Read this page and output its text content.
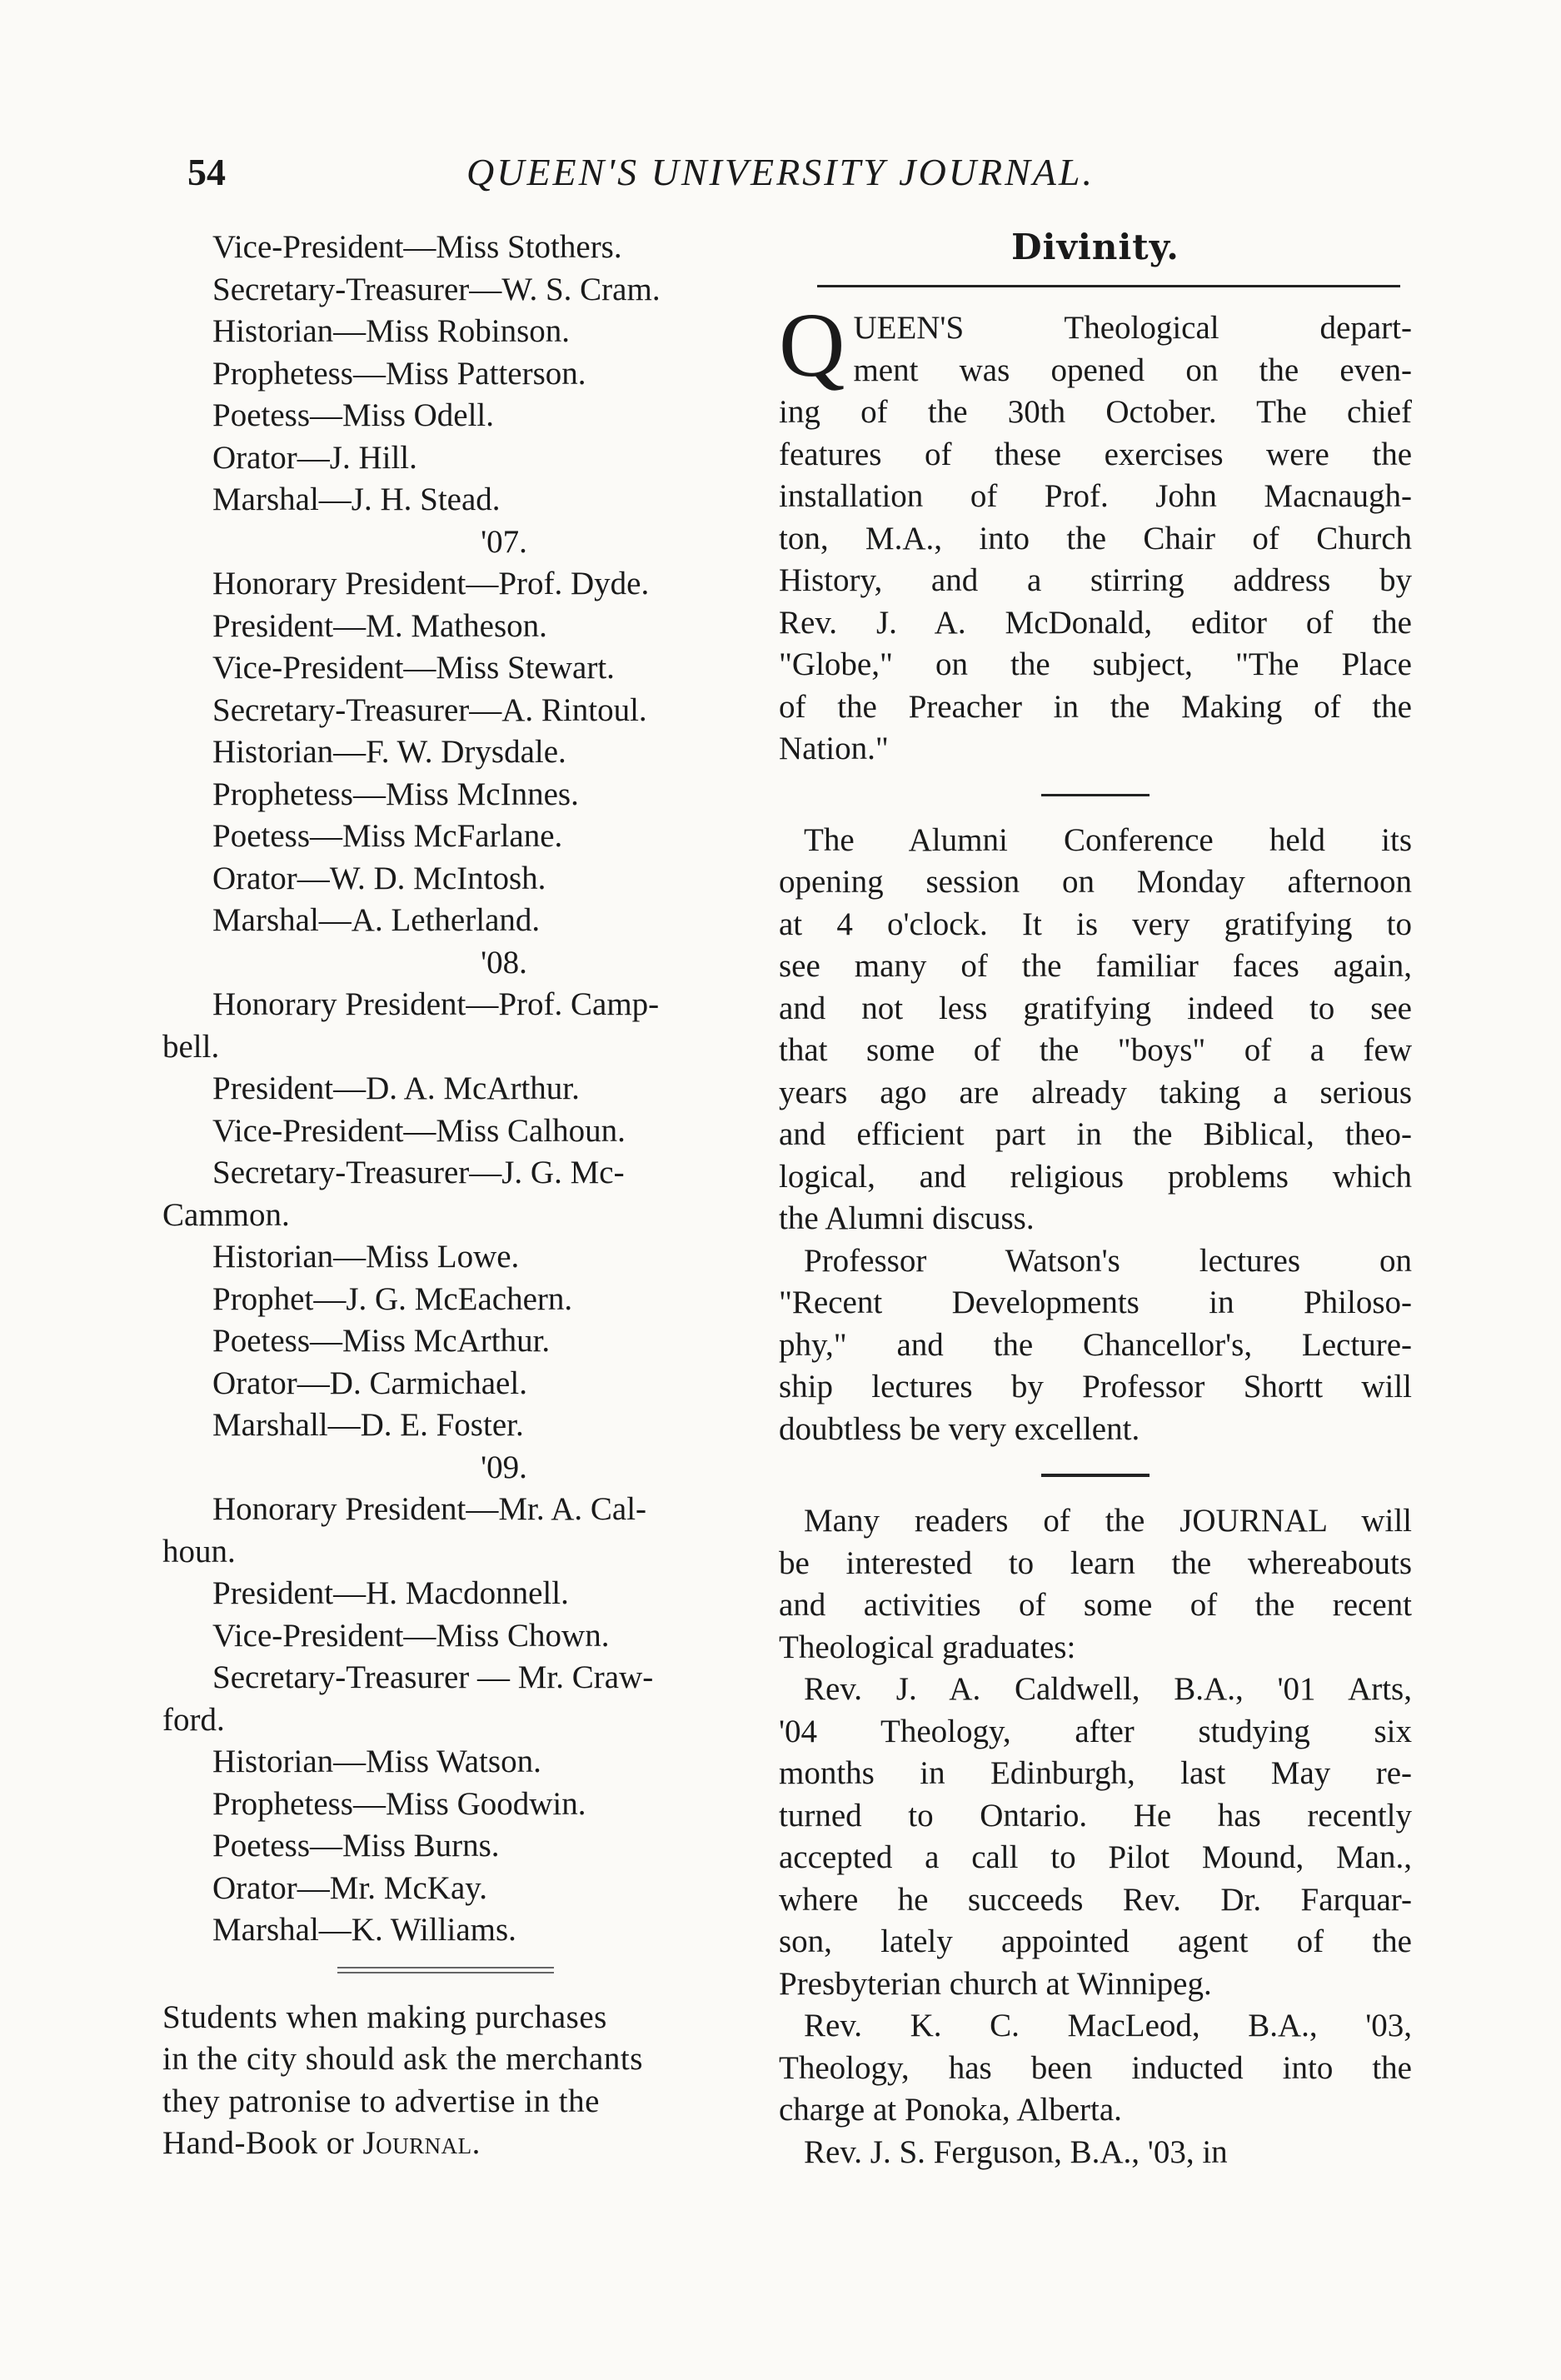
54	QUEEN'S UNIVERSITY JOURNAL.
Vice-President—Miss Stothers.
Secretary-Treasurer—W. S. Cram.
Historian—Miss Robinson.
Prophetess—Miss Patterson.
Poetess—Miss Odell.
Orator—J. Hill.
Marshal—J. H. Stead.
'07.
Honorary President—Prof. Dyde.
President—M. Matheson.
Vice-President—Miss Stewart.
Secretary-Treasurer—A. Rintoul.
Historian—F. W. Drysdale.
Prophetess—Miss McInnes.
Poetess—Miss McFarlane.
Orator—W. D. McIntosh.
Marshal—A. Letherland.
'08.
Honorary President—Prof. Camp-
bell.
President—D. A. McArthur.
Vice-President—Miss Calhoun.
Secretary-Treasurer—J. G. Mc-
Cammon.
Historian—Miss Lowe.
Prophet—J. G. McEachern.
Poetess—Miss McArthur.
Orator—D. Carmichael.
Marshall—D. E. Foster.
'09.
Honorary President—Mr. A. Cal-
houn.
President—H. Macdonnell.
Vice-President—Miss Chown.
Secretary-Treasurer — Mr. Craw-
ford.
Historian—Miss Watson.
Prophetess—Miss Goodwin.
Poetess—Miss Burns.
Orator—Mr. McKay.
Marshal—K. Williams.
Students when making purchases
in the city should ask the merchants
they patronise to advertise in the
Hand-Book or Journal.
Divinity.
Q UEEN'S Theological depart-
ment was opened on the even-
ing of the 30th October. The chief
features of these exercises were the
installation of Prof. John Macnaugh-
ton, M.A., into the Chair of Church
History, and a stirring address by
Rev. J. A. McDonald, editor of the
"Globe," on the subject, "The Place
of the Preacher in the Making of the
Nation."
The Alumni Conference held its
opening session on Monday afternoon
at 4 o'clock. It is very gratifying to
see many of the familiar faces again,
and not less gratifying indeed to see
that some of the "boys" of a few
years ago are already taking a serious
and efficient part in the Biblical, theo-
logical, and religious problems which
the Alumni discuss.
Professor Watson's lectures on
"Recent Developments in Philoso-
phy," and the Chancellor's, Lecture-
ship lectures by Professor Shortt will
doubtless be very excellent.
Many readers of the JOURNAL will
be interested to learn the whereabouts
and activities of some of the recent
Theological graduates:
Rev. J. A. Caldwell, B.A., '01 Arts,
'04 Theology, after studying six
months in Edinburgh, last May re-
turned to Ontario. He has recently
accepted a call to Pilot Mound, Man.,
where he succeeds Rev. Dr. Farquar-
son, lately appointed agent of the
Presbyterian church at Winnipeg.
Rev. K. C. MacLeod, B.A., '03,
Theology, has been inducted into the
charge at Ponoka, Alberta.
Rev. J. S. Ferguson, B.A., '03, in
